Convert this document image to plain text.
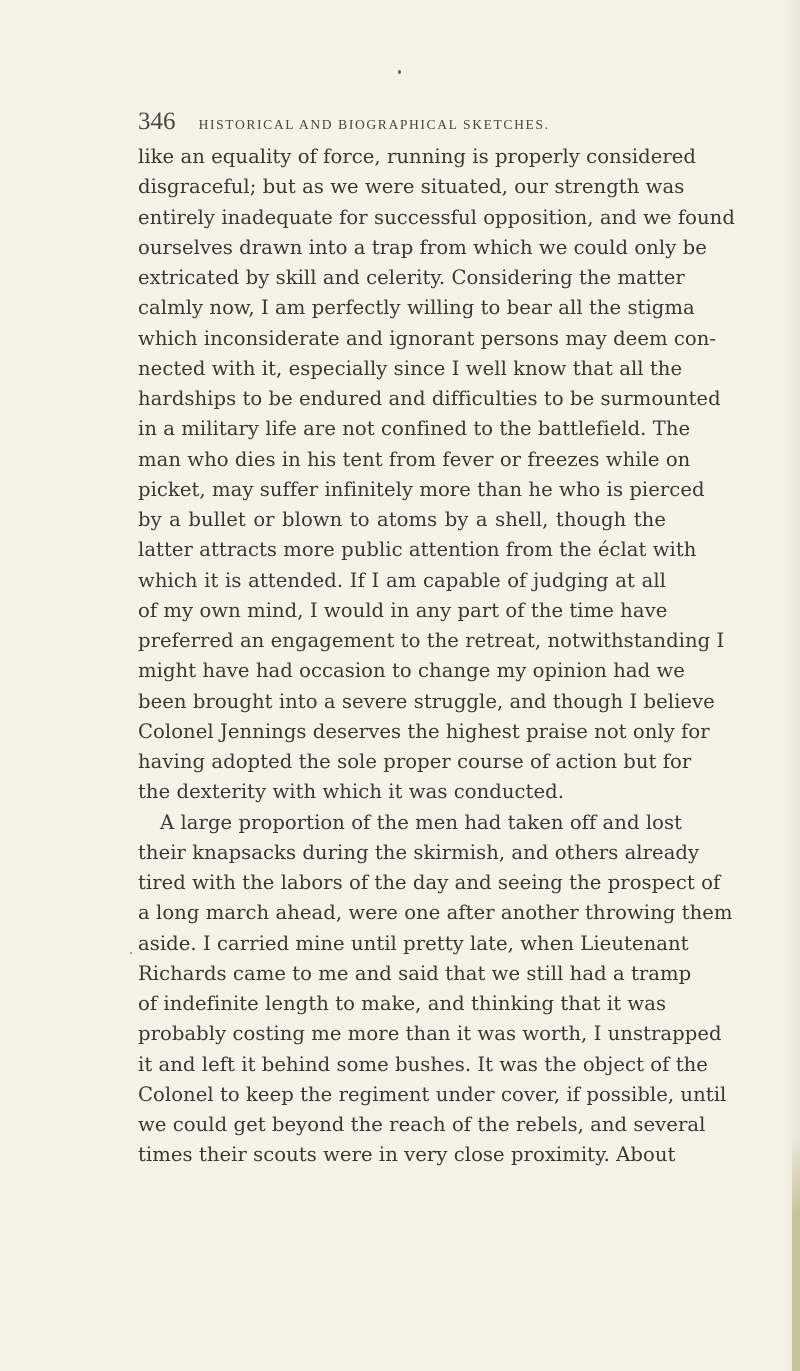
346 HISTORICAL AND BIOGRAPHICAL SKETCHES.
like an equality of force, running is properly considered
disgraceful; but as we were situated, our strength was
entirely inadequate for successful opposition, and we found
ourselves drawn into a trap from which we could only be
extricated by skill and celerity. Considering the matter
calmly now, I am perfectly willing to bear all the stigma
which inconsiderate and ignorant persons may deem con-
nected with it, especially since I well know that all the
hardships to be endured and difficulties to be surmounted
in a military life are not confined to the battlefield. The
man who dies in his tent from fever or freezes while on
picket, may suffer infinitely more than he who is pierced
by a bullet or blown to atoms by a shell, though the
latter attracts more public attention from the éclat with
which it is attended. If I am capable of judging at all
of my own mind, I would in any part of the time have
preferred an engagement to the retreat, notwithstanding I
might have had occasion to change my opinion had we
been brought into a severe struggle, and though I believe
Colonel Jennings deserves the highest praise not only for
having adopted the sole proper course of action but for
the dexterity with which it was conducted.
A large proportion of the men had taken off and lost
their knapsacks during the skirmish, and others already
tired with the labors of the day and seeing the prospect of
a long march ahead, were one after another throwing them
aside. I carried mine until pretty late, when Lieutenant
Richards came to me and said that we still had a tramp
of indefinite length to make, and thinking that it was
probably costing me more than it was worth, I unstrapped
it and left it behind some bushes. It was the object of the
Colonel to keep the regiment under cover, if possible, until
we could get beyond the reach of the rebels, and several
times their scouts were in very close proximity. About
